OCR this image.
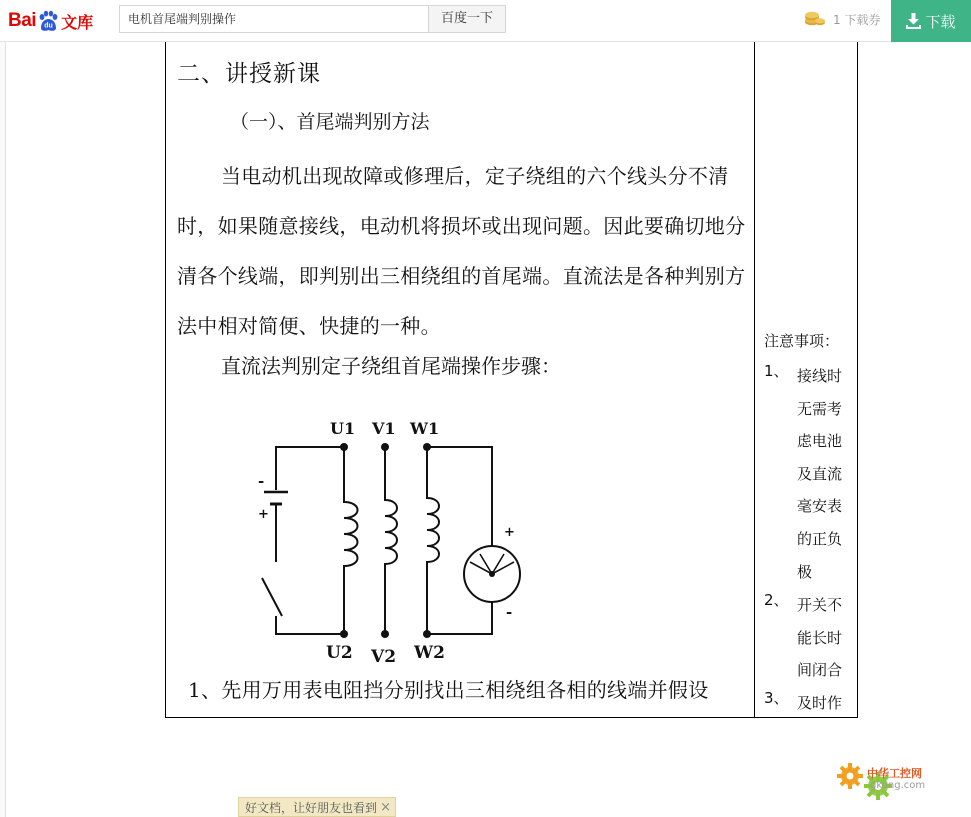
Bai du 文库	电机首尾端判别操作	百度一下	1 下载券	下载
二、讲授新课
（一）、首尾端判别方法
当电动机出现故障或修理后，定子绕组的六个线头分不清时，如果随意接线，电动机将损坏或出现问题。因此要确切地分清各个线端，即判别出三相绕组的首尾端。直流法是各种判别方法中相对简便、快捷的一种。
直流法判别定子绕组首尾端操作步骤：
U1 V1 W1
U2 V2 W2
-
+
+
-
1、先用万用表电阻挡分别找出三相绕组各相的线端并假设
注意事项：
1、 接线时无需考虑电池及直流毫安表的正负极
2、 开关不能长时间闭合
3、 及时作
好文档，让好朋友也看到 ×
中华工控网
gkong.com
